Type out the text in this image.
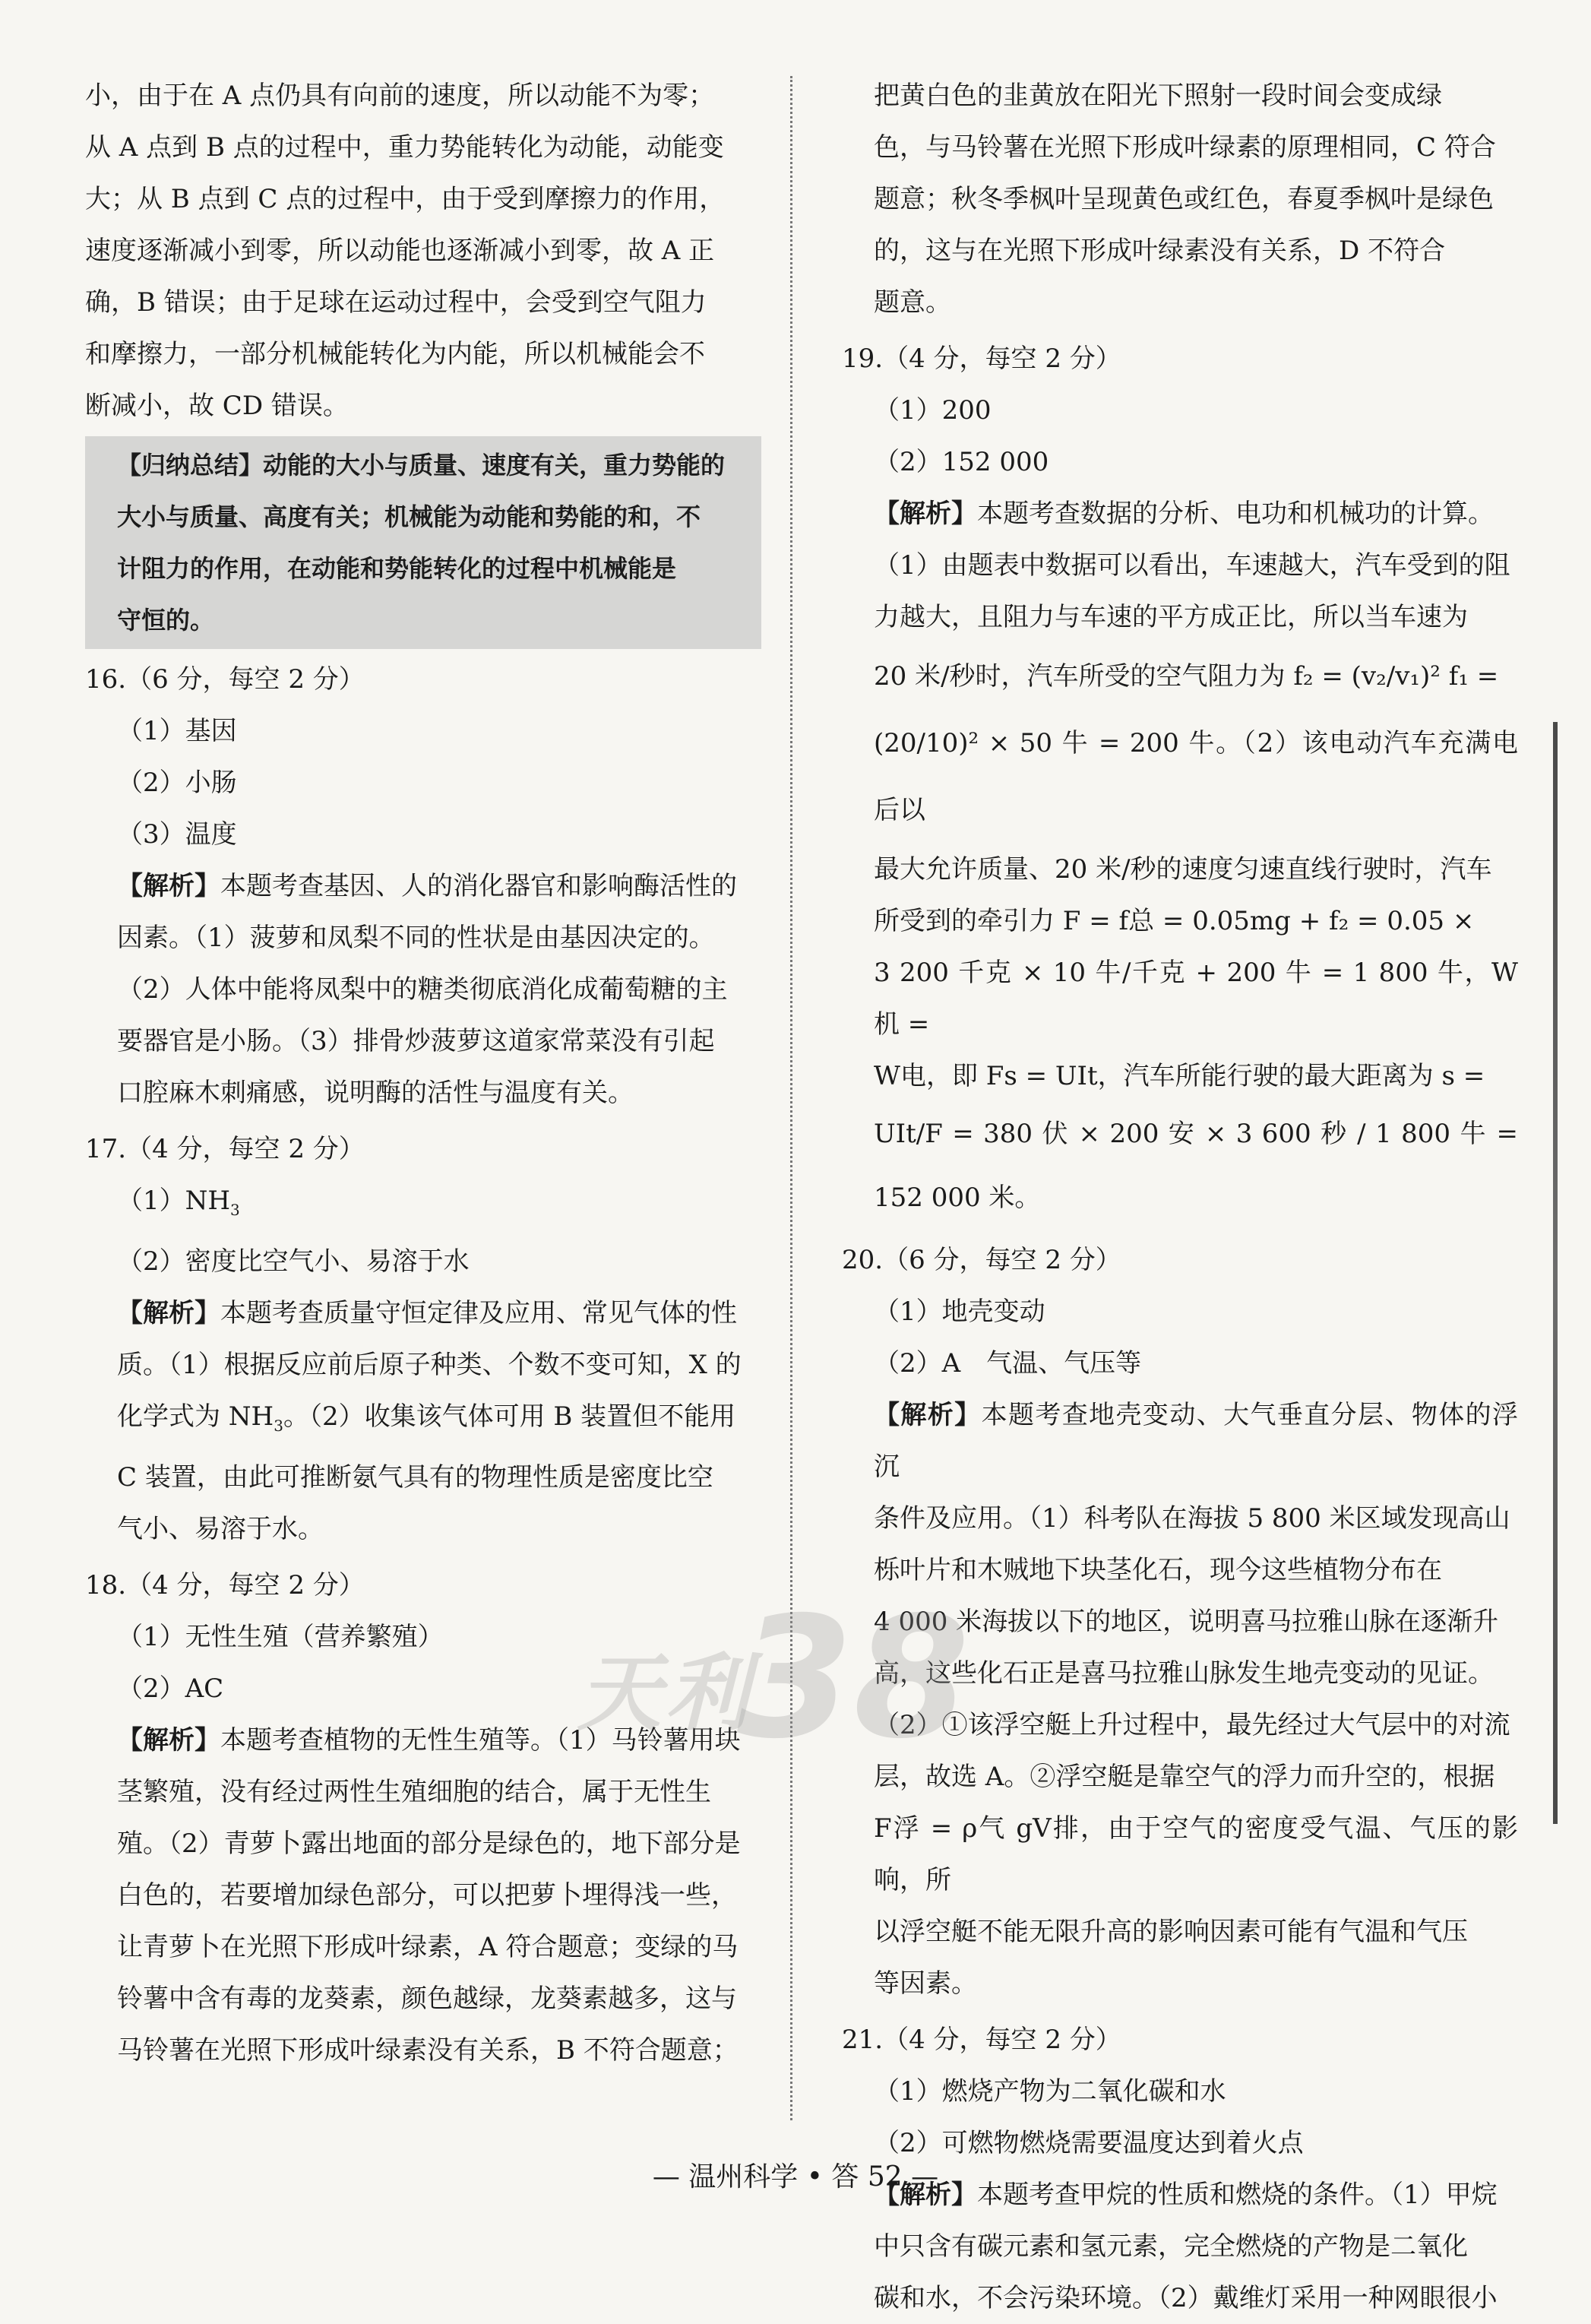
小，由于在 A 点仍具有向前的速度，所以动能不为零；

从 A 点到 B 点的过程中，重力势能转化为动能，动能变

大；从 B 点到 C 点的过程中，由于受到摩擦力的作用，

速度逐渐减小到零，所以动能也逐渐减小到零，故 A 正

确，B 错误；由于足球在运动过程中，会受到空气阻力

和摩擦力，一部分机械能转化为内能，所以机械能会不

断减小，故 CD 错误。

【归纳总结】动能的大小与质量、速度有关，重力势能的

大小与质量、高度有关；机械能为动能和势能的和，不

计阻力的作用，在动能和势能转化的过程中机械能是

守恒的。

16.（6 分，每空 2 分）

（1）基因

（2）小肠

（3）温度

【解析】本题考查基因、人的消化器官和影响酶活性的

因素。（1）菠萝和凤梨不同的性状是由基因决定的。

（2）人体中能将凤梨中的糖类彻底消化成葡萄糖的主

要器官是小肠。（3）排骨炒菠萝这道家常菜没有引起

口腔麻木刺痛感，说明酶的活性与温度有关。

17.（4 分，每空 2 分）

$(1)NH_3$

（2）密度比空气小、易溶于水

【解析】本题考查质量守恒定律及应用、常见气体的性

质。（1）根据反应前后原子种类、个数不变可知，X 的

化学式为 $NH_3$。（2）收集该气体可用 B 装置但不能用

C 装置，由此可推断氨气具有的物理性质是密度比空

气小、易溶于水。

18.（4 分，每空 2 分）

（1）无性生殖（营养繁殖）

（2）AC

【解析】本题考查植物的无性生殖等。（1）马铃薯用块

茎繁殖，没有经过两性生殖细胞的结合，属于无性生

殖。（2）青萝卜露出地面的部分是绿色的，地下部分是

白色的，若要增加绿色部分，可以把萝卜埋得浅一些，

让青萝卜在光照下形成叶绿素，A 符合题意；变绿的马

铃薯中含有毒的龙葵素，颜色越绿，龙葵素越多，这与

马铃薯在光照下形成叶绿素没有关系，B 不符合题意；

把黄白色的韭黄放在阳光下照射一段时间会变成绿

色，与马铃薯在光照下形成叶绿素的原理相同，C 符合

题意；秋冬季枫叶呈现黄色或红色，春夏季枫叶是绿色

的，这与在光照下形成叶绿素没有关系，D 不符合

题意。

19.（4 分，每空 2 分）

（1）200

（2）152 000

【解析】本题考查数据的分析、电功和机械功的计算。

（1）由题表中数据可以看出，车速越大，汽车受到的阻

力越大，且阻力与车速的平方成正比，所以当车速为

20 米/秒时，汽车所受的空气阻力为 f₂ = (v₂/v₁)² f₁ =

(20/10)² × 50 牛 = 200 牛。（2）该电动汽车充满电后以

最大允许质量、20 米/秒的速度匀速直线行驶时，汽车

所受到的牵引力 F = f总 = 0.05mg + f₂ = 0.05 ×

3 200 千克 × 10 牛/千克 + 200 牛 = 1 800 牛，W机 =

W电，即 Fs = UIt，汽车所能行驶的最大距离为 s =

UIt/F = 380 伏 × 200 安 × 3 600 秒 / 1 800 牛 = 152 000 米。

20.（6 分，每空 2 分）

（1）地壳变动

（2）A　气温、气压等

【解析】本题考查地壳变动、大气垂直分层、物体的浮沉

条件及应用。（1）科考队在海拔 5 800 米区域发现高山

栎叶片和木贼地下块茎化石，现今这些植物分布在

4 000 米海拔以下的地区，说明喜马拉雅山脉在逐渐升

高，这些化石正是喜马拉雅山脉发生地壳变动的见证。

（2）①该浮空艇上升过程中，最先经过大气层中的对流

层，故选 A。②浮空艇是靠空气的浮力而升空的，根据

F浮 = ρ气 gV排，由于空气的密度受气温、气压的影响，所

以浮空艇不能无限升高的影响因素可能有气温和气压

等因素。

21.（4 分，每空 2 分）

（1）燃烧产物为二氧化碳和水

（2）可燃物燃烧需要温度达到着火点

【解析】本题考查甲烷的性质和燃烧的条件。（1）甲烷

中只含有碳元素和氢元素，完全燃烧的产物是二氧化

碳和水，不会污染环境。（2）戴维灯采用一种网眼很小

天利
38
— 温州科学 • 答 52 —
